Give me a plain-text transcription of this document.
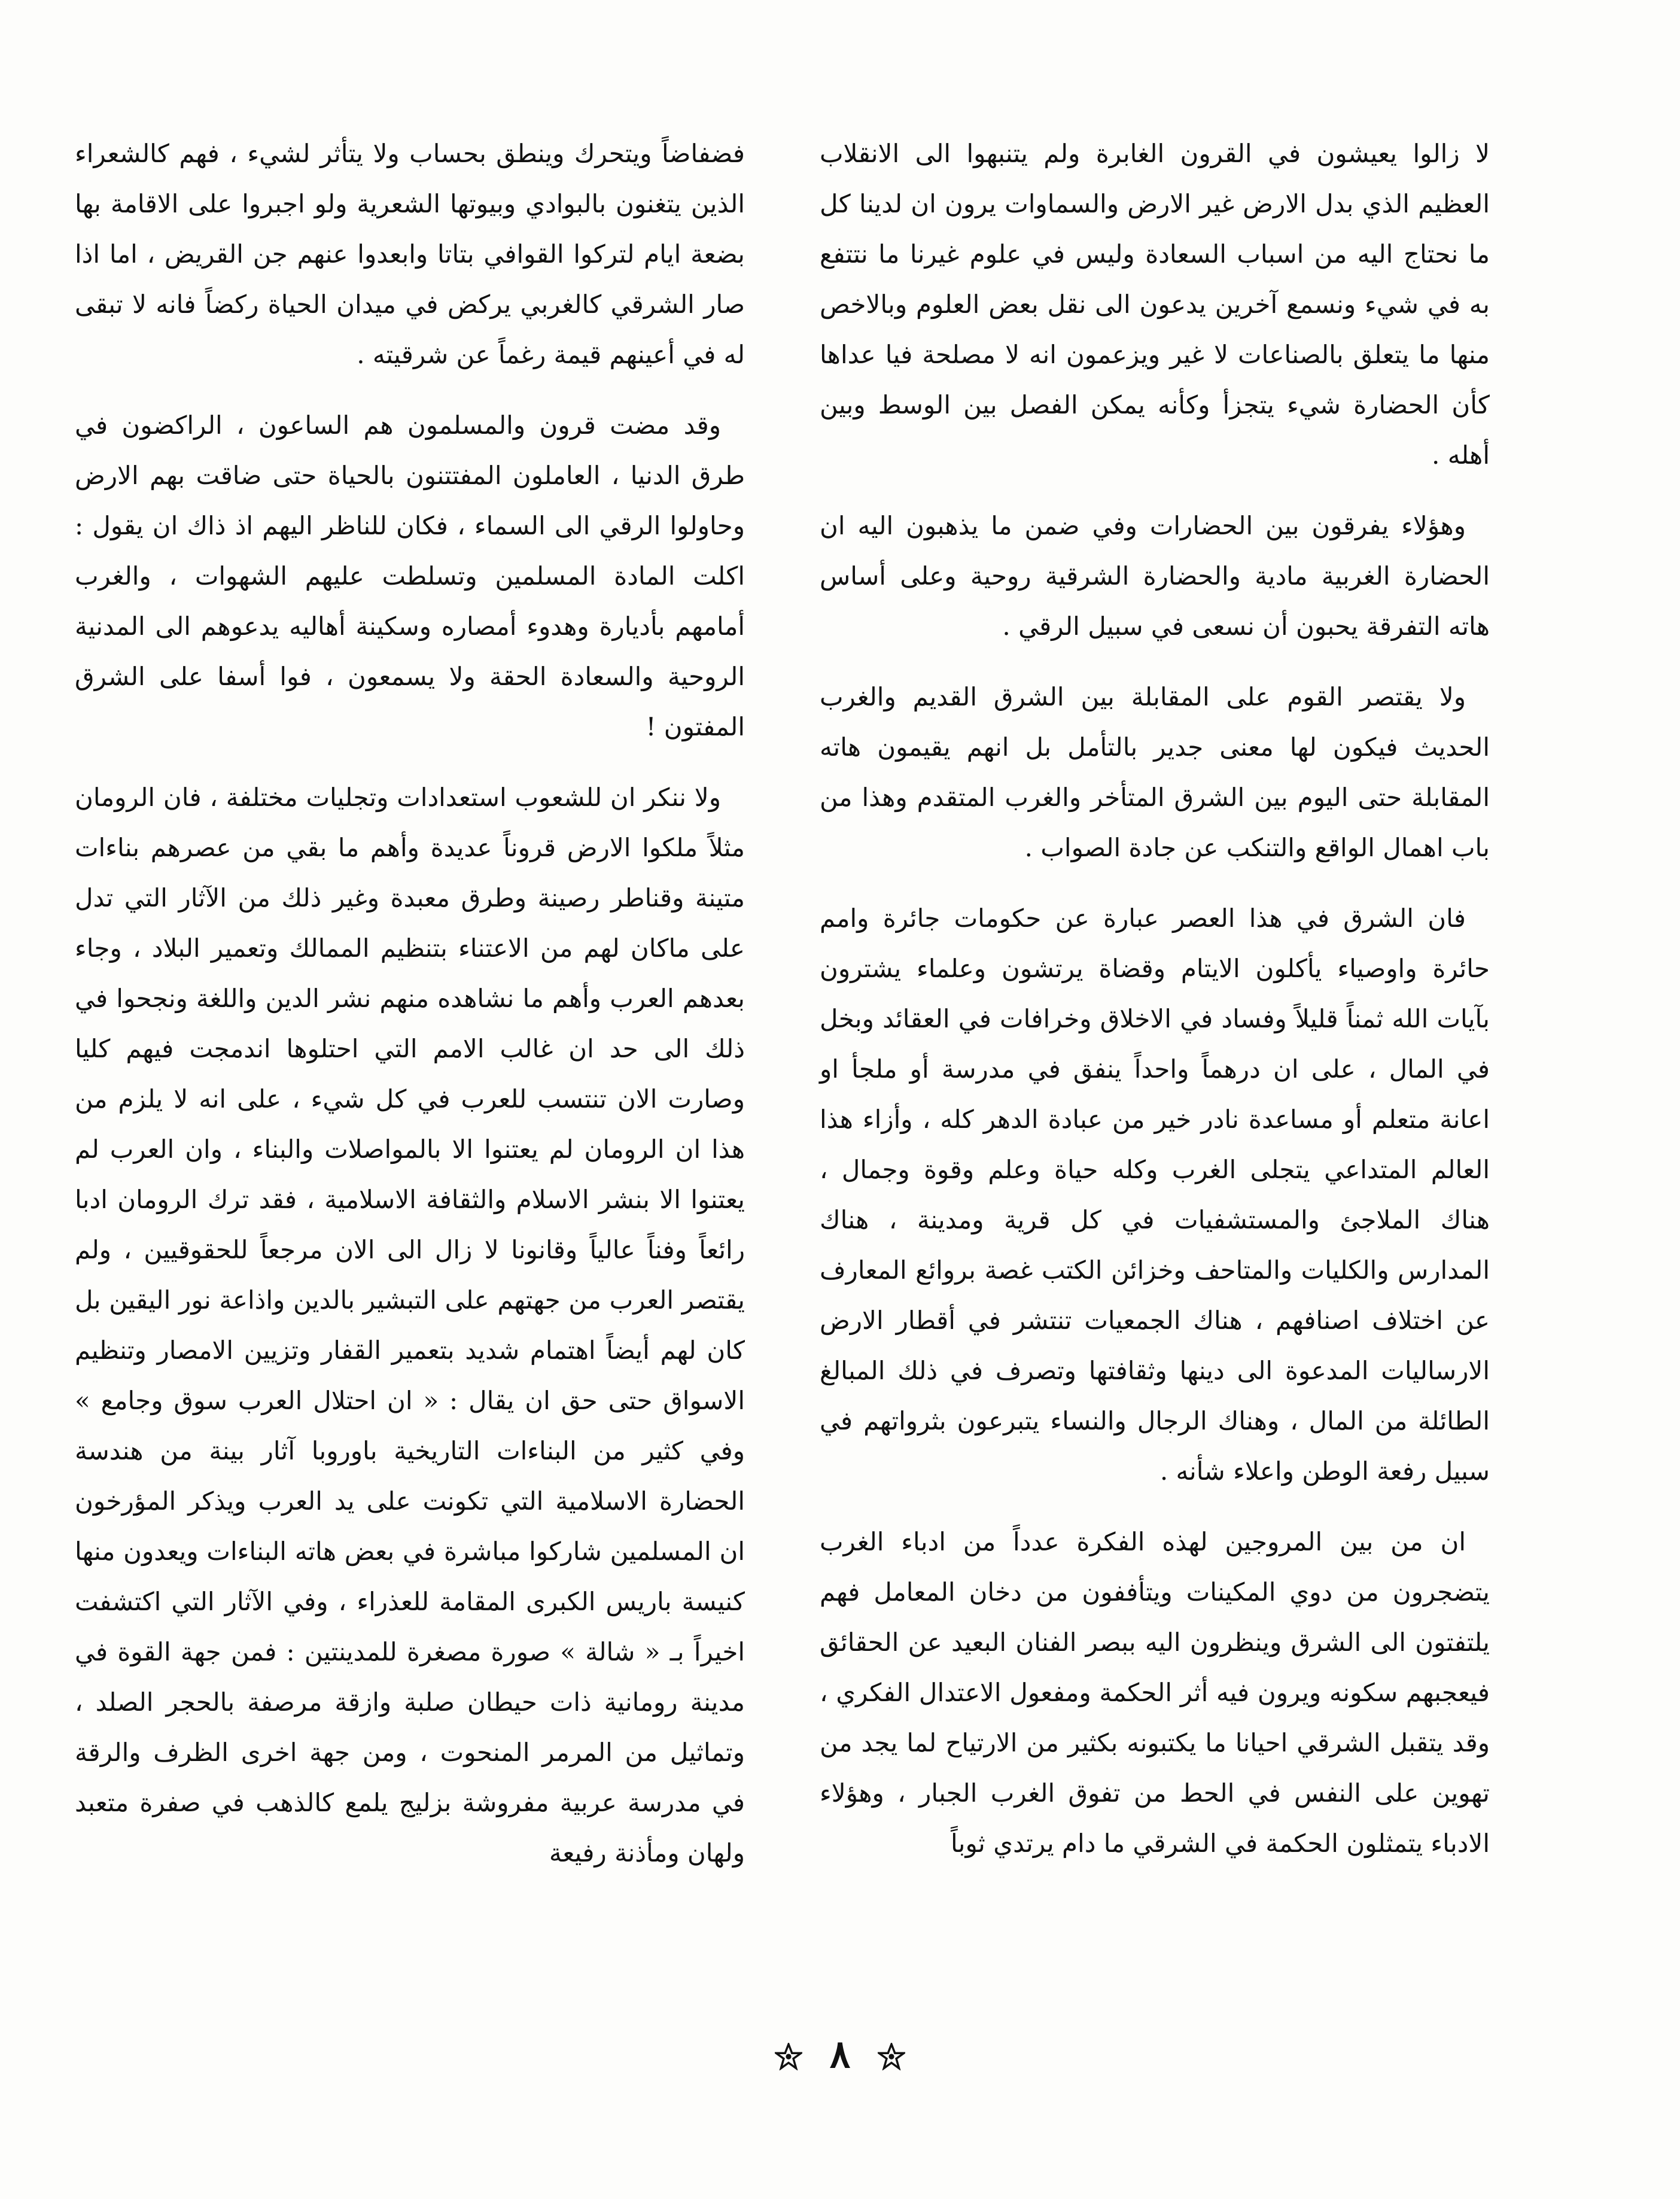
لا زالوا يعيشون في القرون الغابرة ولم يتنبهوا الى الانقلاب العظيم الذي بدل الارض غير الارض والسماوات يرون ان لدينا كل ما نحتاج اليه من اسباب السعادة وليس في علوم غيرنا ما نتتفع به في شيء ونسمع آخرين يدعون الى نقل بعض العلوم وبالاخص منها ما يتعلق بالصناعات لا غير ويزعمون انه لا مصلحة فيا عداها كأن الحضارة شيء يتجزأ وكأنه يمكن الفصل بين الوسط وبين أهله .

وهؤلاء يفرقون بين الحضارات وفي ضمن ما يذهبون اليه ان الحضارة الغربية مادية والحضارة الشرقية روحية وعلى أساس هاته التفرقة يحبون أن نسعى في سبيل الرقي .

ولا يقتصر القوم على المقابلة بين الشرق القديم والغرب الحديث فيكون لها معنى جدير بالتأمل بل انهم يقيمون هاته المقابلة حتى اليوم بين الشرق المتأخر والغرب المتقدم وهذا من باب اهمال الواقع والتنكب عن جادة الصواب .

فان الشرق في هذا العصر عبارة عن حكومات جائرة وامم حائرة واوصياء يأكلون الايتام وقضاة يرتشون وعلماء يشترون بآيات الله ثمناً قليلاً وفساد في الاخلاق وخرافات في العقائد وبخل في المال ، على ان درهماً واحداً ينفق في مدرسة أو ملجأ او اعانة متعلم أو مساعدة نادر خير من عبادة الدهر كله ، وأزاء هذا العالم المتداعي يتجلى الغرب وكله حياة وعلم وقوة وجمال ، هناك الملاجئ والمستشفيات في كل قرية ومدينة ، هناك المدارس والكليات والمتاحف وخزائن الكتب غصة بروائع المعارف عن اختلاف اصنافهم ، هناك الجمعيات تنتشر في أقطار الارض الارساليات المدعوة الى دينها وثقافتها وتصرف في ذلك المبالغ الطائلة من المال ، وهناك الرجال والنساء يتبرعون بثرواتهم في سبيل رفعة الوطن واعلاء شأنه .

ان من بين المروجين لهذه الفكرة عدداً من ادباء الغرب يتضجرون من دوي المكينات ويتأففون من دخان المعامل فهم يلتفتون الى الشرق وينظرون اليه ببصر الفنان البعيد عن الحقائق فيعجبهم سكونه ويرون فيه أثر الحكمة ومفعول الاعتدال الفكري ، وقد يتقبل الشرقي احيانا ما يكتبونه بكثير من الارتياح لما يجد من تهوين على النفس في الحط من تفوق الغرب الجبار ، وهؤلاء الادباء يتمثلون الحكمة في الشرقي ما دام يرتدي ثوباً

فضفاضاً ويتحرك وينطق بحساب ولا يتأثر لشيء ، فهم كالشعراء الذين يتغنون بالبوادي وبيوتها الشعرية ولو اجبروا على الاقامة بها بضعة ايام لتركوا القوافي بتاتا وابعدوا عنهم جن القريض ، اما اذا صار الشرقي كالغربي يركض في ميدان الحياة ركضاً فانه لا تبقى له في أعينهم قيمة رغماً عن شرقيته .

وقد مضت قرون والمسلمون هم الساعون ، الراكضون في طرق الدنيا ، العاملون المفتتنون بالحياة حتى ضاقت بهم الارض وحاولوا الرقي الى السماء ، فكان للناظر اليهم اذ ذاك ان يقول : اكلت المادة المسلمين وتسلطت عليهم الشهوات ، والغرب أمامهم بأديارة وهدوء أمصاره وسكينة أهاليه يدعوهم الى المدنية الروحية والسعادة الحقة ولا يسمعون ، فوا أسفا على الشرق المفتون !

ولا ننكر ان للشعوب استعدادات وتجليات مختلفة ، فان الرومان مثلاً ملكوا الارض قروناً عديدة وأهم ما بقي من عصرهم بناءات متينة وقناطر رصينة وطرق معبدة وغير ذلك من الآثار التي تدل على ماكان لهم من الاعتناء بتنظيم الممالك وتعمير البلاد ، وجاء بعدهم العرب وأهم ما نشاهده منهم نشر الدين واللغة ونجحوا في ذلك الى حد ان غالب الامم التي احتلوها اندمجت فيهم كليا وصارت الان تنتسب للعرب في كل شيء ، على انه لا يلزم من هذا ان الرومان لم يعتنوا الا بالمواصلات والبناء ، وان العرب لم يعتنوا الا بنشر الاسلام والثقافة الاسلامية ، فقد ترك الرومان ادبا رائعاً وفناً عالياً وقانونا لا زال الى الان مرجعاً للحقوقيين ، ولم يقتصر العرب من جهتهم على التبشير بالدين واذاعة نور اليقين بل كان لهم أيضاً اهتمام شديد بتعمير القفار وتزيين الامصار وتنظيم الاسواق حتى حق ان يقال : « ان احتلال العرب سوق وجامع » وفي كثير من البناءات التاريخية باوروبا آثار بينة من هندسة الحضارة الاسلامية التي تكونت على يد العرب ويذكر المؤرخون ان المسلمين شاركوا مباشرة في بعض هاته البناءات ويعدون منها كنيسة باريس الكبرى المقامة للعذراء ، وفي الآثار التي اكتشفت اخيراً بـ « شالة » صورة مصغرة للمدينتين : فمن جهة القوة في مدينة رومانية ذات حيطان صلبة وازقة مرصفة بالحجر الصلد ، وتماثيل من المرمر المنحوت ، ومن جهة اخرى الظرف والرقة في مدرسة عربية مفروشة بزليج يلمع كالذهب في صفرة متعبد ولهان ومأذنة رفيعة

٨
